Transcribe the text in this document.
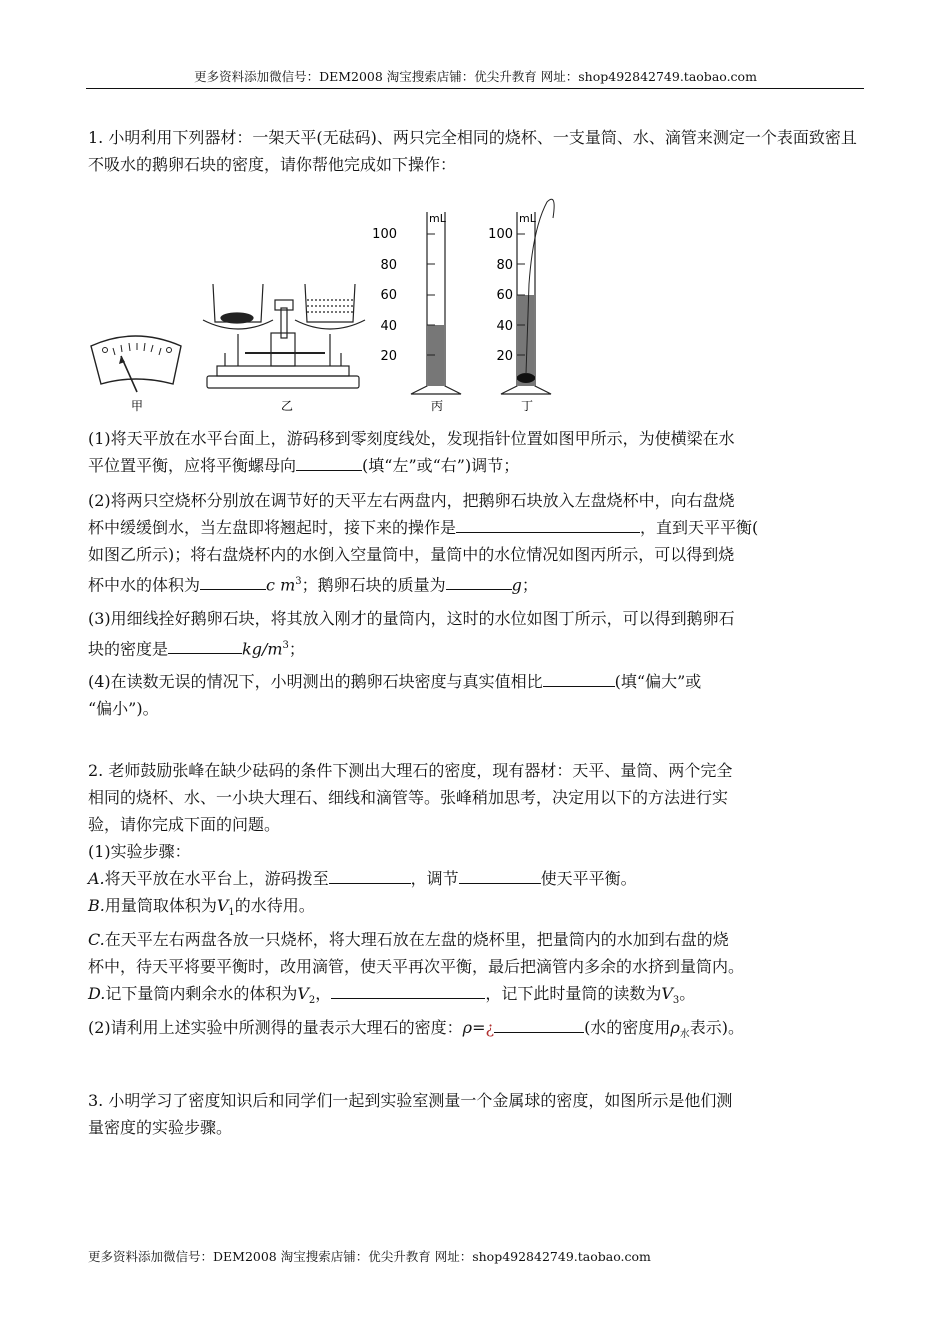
更多资料添加微信号：DEM2008 淘宝搜索店铺：优尖升教育 网址：shop492842749.taobao.com
1. 小明利用下列器材：一架天平(无砝码)、两只完全相同的烧杯、一支量筒、水、滴管来测定一个表面致密且不吸水的鹅卵石块的密度，请你帮他完成如下操作：
甲	乙
mL
100
80
60
40
20
丙
mL
100
80
60
40
20
丁
(1)将天平放在水平台面上，游码移到零刻度线处，发现指针位置如图甲所示，为使横梁在水
平位置平衡，应将平衡螺母向	(填“左”或“右”)调节；
(2)将两只空烧杯分别放在调节好的天平左右两盘内，把鹅卵石块放入左盘烧杯中，向右盘烧
杯中缓缓倒水，当左盘即将翘起时，接下来的操作是	，直到天平平衡(
如图乙所示)；将右盘烧杯内的水倒入空量筒中，量筒中的水位情况如图丙所示，可以得到烧
杯中水的体积为	c $m^3$；鹅卵石块的质量为	g；
(3)用细线拴好鹅卵石块，将其放入刚才的量筒内，这时的水位如图丁所示，可以得到鹅卵石
块的密度是	$kg/m^3$；
(4)在读数无误的情况下，小明测出的鹅卵石块密度与真实值相比	(填“偏大”或
“偏小”)。
2. 老师鼓励张峰在缺少砝码的条件下测出大理石的密度，现有器材：天平、量筒、两个完全
相同的烧杯、水、一小块大理石、细线和滴管等。张峰稍加思考，决定用以下的方法进行实
验，请你完成下面的问题。
(1)实验步骤：
A.将天平放在水平台上，游码拨至	，调节	使天平平衡。
B.用量筒取体积为$V_1$的水待用。
C.在天平左右两盘各放一只烧杯，将大理石放在左盘的烧杯里，把量筒内的水加到右盘的烧
杯中，待天平将要平衡时，改用滴管，使天平再次平衡，最后把滴管内多余的水挤到量筒内。
D.记下量筒内剩余水的体积为$V_2$，	，记下此时量筒的读数为$V_3$。
(2)请利用上述实验中所测得的量表示大理石的密度：ρ=¿	(水的密度用$\rho_水$表示)。
3. 小明学习了密度知识后和同学们一起到实验室测量一个金属球的密度，如图所示是他们测
量密度的实验步骤。
更多资料添加微信号：DEM2008 淘宝搜索店铺：优尖升教育 网址：shop492842749.taobao.com
